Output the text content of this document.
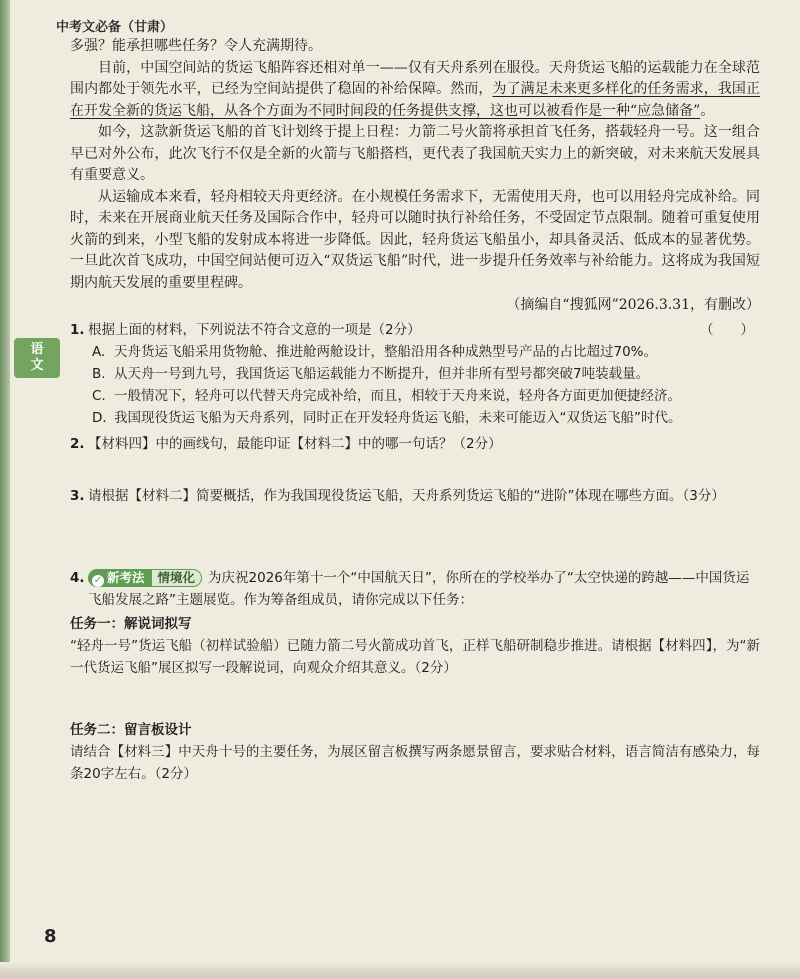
中考文必备（甘肃）
语
文

多强？能承担哪些任务？令人充满期待。

目前，中国空间站的货运飞船阵容还相对单一——仅有天舟系列在服役。天舟货运飞船的运载能力在全球范围内都处于领先水平，已经为空间站提供了稳固的补给保障。然而，为了满足未来更多样化的任务需求，我国正在开发全新的货运飞船，从各个方面为不同时间段的任务提供支撑，这也可以被看作是一种“应急储备”。

如今，这款新货运飞船的首飞计划终于提上日程：力箭二号火箭将承担首飞任务，搭载轻舟一号。这一组合早已对外公布，此次飞行不仅是全新的火箭与飞船搭档，更代表了我国航天实力上的新突破，对未来航天发展具有重要意义。

从运输成本来看，轻舟相较天舟更经济。在小规模任务需求下，无需使用天舟，也可以用轻舟完成补给。同时，未来在开展商业航天任务及国际合作中，轻舟可以随时执行补给任务，不受固定节点限制。随着可重复使用火箭的到来，小型飞船的发射成本将进一步降低。因此，轻舟货运飞船虽小，却具备灵活、低成本的显著优势。一旦此次首飞成功，中国空间站便可迈入“双货运飞船”时代，进一步提升任务效率与补给能力。这将成为我国短期内航天发展的重要里程碑。

（摘编自“搜狐网”2026.3.31，有删改）

1. 根据上面的材料，下列说法不符合文意的一项是（2分）	（　　）
A. 天舟货运飞船采用货物舱、推进舱两舱设计，整船沿用各种成熟型号产品的占比超过70%。
B. 从天舟一号到九号，我国货运飞船运载能力不断提升，但并非所有型号都突破7吨装载量。
C. 一般情况下，轻舟可以代替天舟完成补给，而且，相较于天舟来说，轻舟各方面更加便捷经济。
D. 我国现役货运飞船为天舟系列，同时正在开发轻舟货运飞船，未来可能迈入“双货运飞船”时代。
2. 【材料四】中的画线句，最能印证【材料二】中的哪一句话？（2分）
3. 请根据【材料二】简要概括，作为我国现役货运飞船，天舟系列货运飞船的“进阶”体现在哪些方面。（3分）
4. ✓ 新考法 情境化 为庆祝2026年第十一个“中国航天日”，你所在的学校举办了“太空快递的跨越——中国货运飞船发展之路”主题展览。作为筹备组成员，请你完成以下任务：
任务一：解说词拟写

“轻舟一号”货运飞船（初样试验船）已随力箭二号火箭成功首飞，正样飞船研制稳步推进。请根据【材料四】，为“新一代货运飞船”展区拟写一段解说词，向观众介绍其意义。（2分）

任务二：留言板设计

请结合【材料三】中天舟十号的主要任务，为展区留言板撰写两条愿景留言，要求贴合材料，语言简洁有感染力，每条20字左右。（2分）

8
